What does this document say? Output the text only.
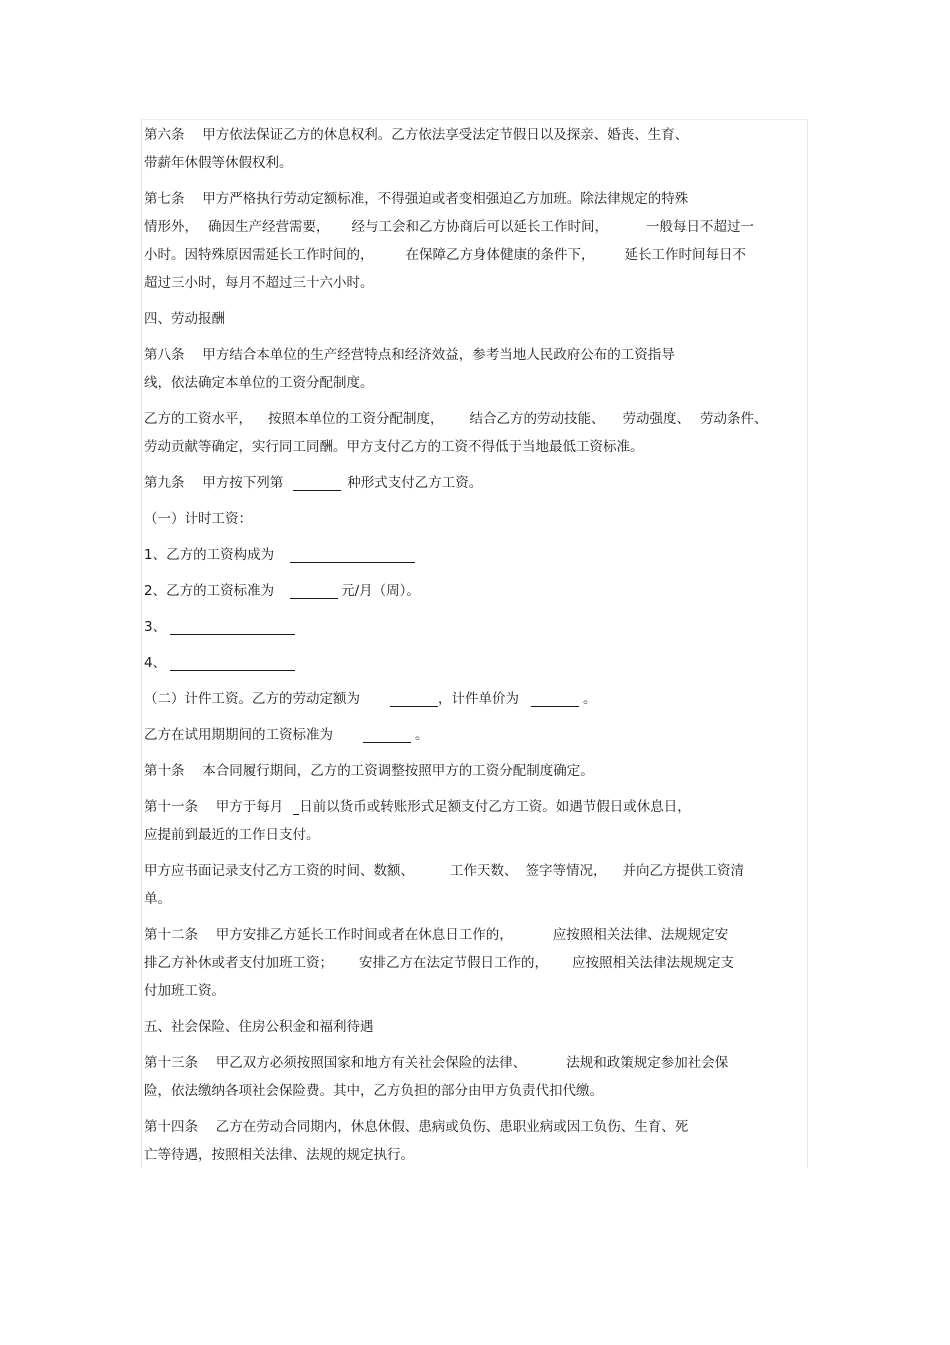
第六条　 甲方依法保证乙方的休息权利。乙方依法享受法定节假日以及探亲、婚丧、生育、
带薪年休假等休假权利。
第七条　 甲方严格执行劳动定额标准，不得强迫或者变相强迫乙方加班。除法律规定的特殊
情形外， 确因生产经营需要， 经与工会和乙方协商后可以延长工作时间，	一般每日不超过一
小时。因特殊原因需延长工作时间的， 在保障乙方身体健康的条件下， 延长工作时间每日不
超过三小时，每月不超过三十六小时。
四、劳动报酬
第八条　 甲方结合本单位的生产经营特点和经济效益，参考当地人民政府公布的工资指导
线，依法确定本单位的工资分配制度。
乙方的工资水平， 按照本单位的工资分配制度， 结合乙方的劳动技能、 劳动强度、 劳动条件、
劳动贡献等确定，实行同工同酬。甲方支付乙方的工资不得低于当地最低工资标准。
第九条　 甲方按下列第	种形式支付乙方工资。
（一）计时工资：
1、乙方的工资构成为
2、乙方的工资标准为	元/月（周）。
3、
4、
（二）计件工资。乙方的劳动定额为	，计件单价为	。
乙方在试用期期间的工资标准为	。
第十条　 本合同履行期间，乙方的工资调整按照甲方的工资分配制度确定。
第十一条　 甲方于每月 日前以货币或转账形式足额支付乙方工资。如遇节假日或休息日，
应提前到最近的工作日支付。
甲方应书面记录支付乙方工资的时间、数额、	工作天数、 签字等情况， 并向乙方提供工资清
单。
第十二条　 甲方安排乙方延长工作时间或者在休息日工作的，	应按照相关法律、法规规定安
排乙方补休或者支付加班工资； 安排乙方在法定节假日工作的， 应按照相关法律法规规定支
付加班工资。
五、社会保险、住房公积金和福利待遇
第十三条　 甲乙双方必须按照国家和地方有关社会保险的法律、	法规和政策规定参加社会保
险，依法缴纳各项社会保险费。其中，乙方负担的部分由甲方负责代扣代缴。
第十四条　 乙方在劳动合同期内，休息休假、患病或负伤、患职业病或因工负伤、生育、死
亡等待遇，按照相关法律、法规的规定执行。
